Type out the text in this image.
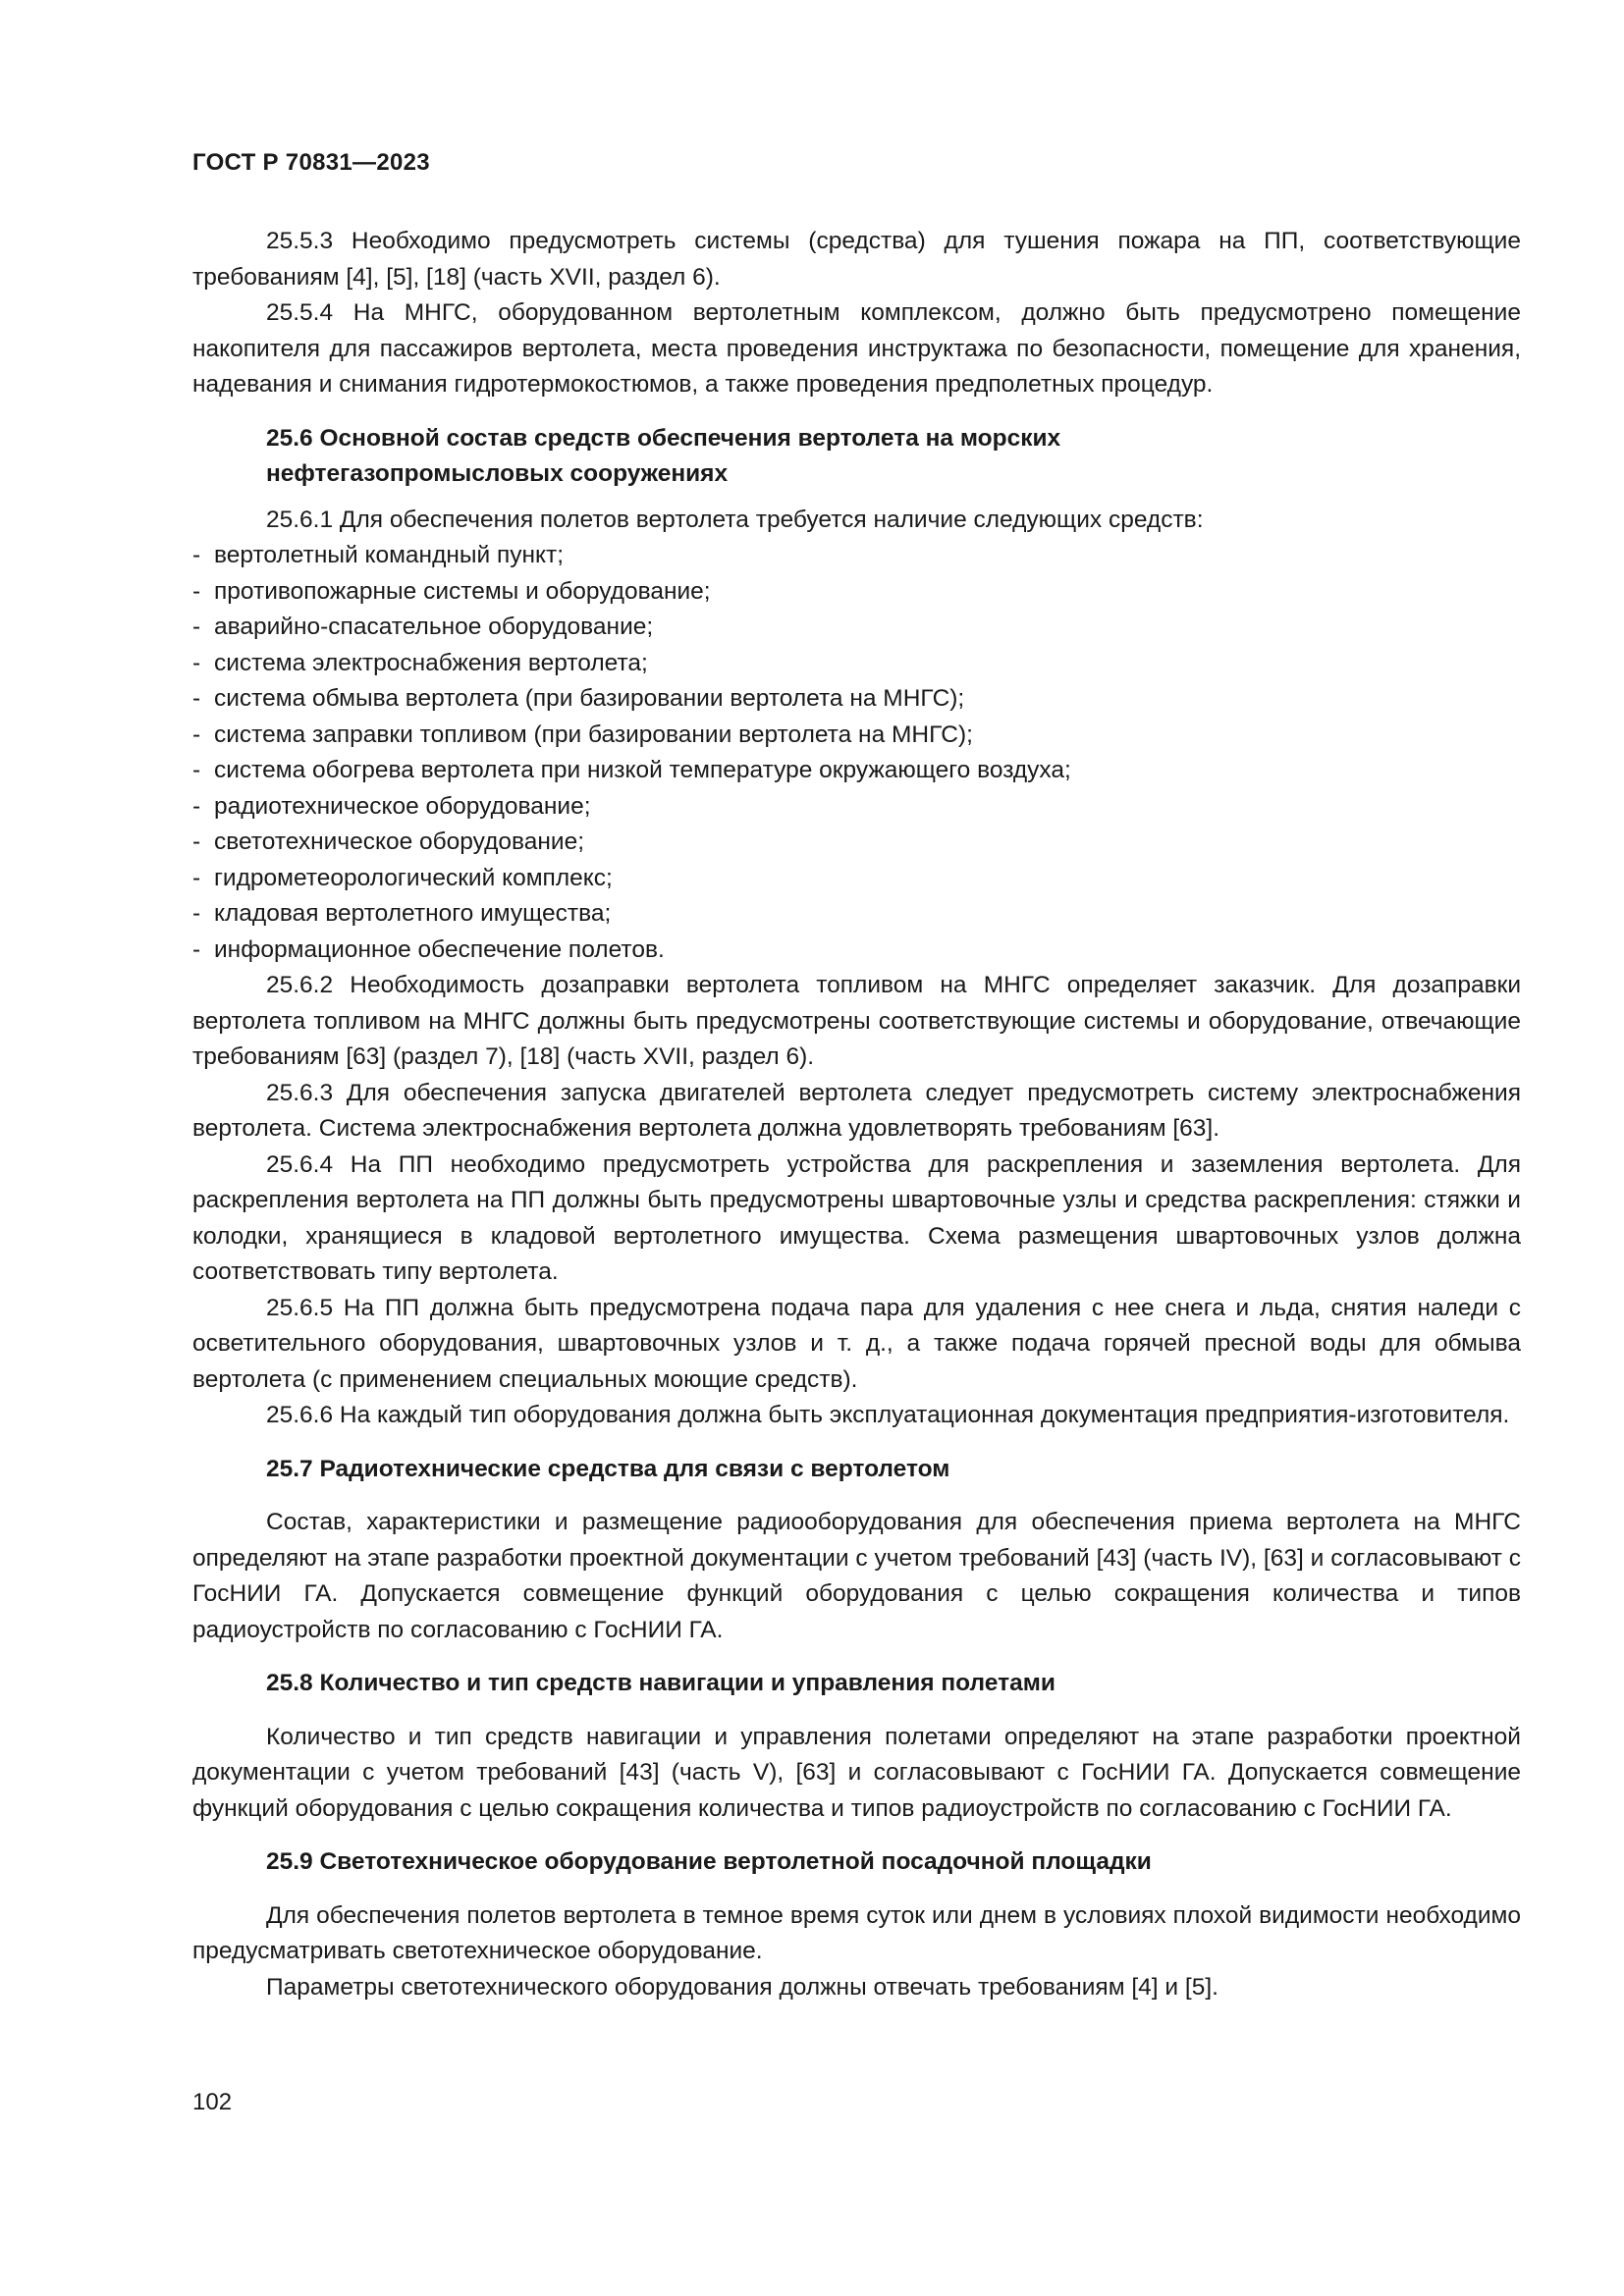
ГОСТ Р 70831—2023

25.5.3 Необходимо предусмотреть системы (средства) для тушения пожара на ПП, соответствующие требованиям [4], [5], [18] (часть XVII, раздел 6).

25.5.4 На МНГС, оборудованном вертолетным комплексом, должно быть предусмотрено помещение накопителя для пассажиров вертолета, места проведения инструктажа по безопасности, помещение для хранения, надевания и снимания гидротермокостюмов, а также проведения предполетных процедур.

25.6 Основной состав средств обеспечения вертолета на морских
нефтегазопромысловых сооружениях

25.6.1 Для обеспечения полетов вертолета требуется наличие следующих средств:

- вертолетный командный пункт;
- противопожарные системы и оборудование;
- аварийно-спасательное оборудование;
- система электроснабжения вертолета;
- система обмыва вертолета (при базировании вертолета на МНГС);
- система заправки топливом (при базировании вертолета на МНГС);
- система обогрева вертолета при низкой температуре окружающего воздуха;
- радиотехническое оборудование;
- светотехническое оборудование;
- гидрометеорологический комплекс;
- кладовая вертолетного имущества;
- информационное обеспечение полетов.

25.6.2 Необходимость дозаправки вертолета топливом на МНГС определяет заказчик. Для дозаправки вертолета топливом на МНГС должны быть предусмотрены соответствующие системы и оборудование, отвечающие требованиям [63] (раздел 7), [18] (часть XVII, раздел 6).

25.6.3 Для обеспечения запуска двигателей вертолета следует предусмотреть систему электроснабжения вертолета. Система электроснабжения вертолета должна удовлетворять требованиям [63].

25.6.4 На ПП необходимо предусмотреть устройства для раскрепления и заземления вертолета. Для раскрепления вертолета на ПП должны быть предусмотрены швартовочные узлы и средства раскрепления: стяжки и колодки, хранящиеся в кладовой вертолетного имущества. Схема размещения швартовочных узлов должна соответствовать типу вертолета.

25.6.5 На ПП должна быть предусмотрена подача пара для удаления с нее снега и льда, снятия наледи с осветительного оборудования, швартовочных узлов и т. д., а также подача горячей пресной воды для обмыва вертолета (с применением специальных моющие средств).

25.6.6 На каждый тип оборудования должна быть эксплуатационная документация предприятия-изготовителя.

25.7 Радиотехнические средства для связи с вертолетом

Состав, характеристики и размещение радиооборудования для обеспечения приема вертолета на МНГС определяют на этапе разработки проектной документации с учетом требований [43] (часть IV), [63] и согласовывают с ГосНИИ ГА. Допускается совмещение функций оборудования с целью сокращения количества и типов радиоустройств по согласованию с ГосНИИ ГА.

25.8 Количество и тип средств навигации и управления полетами

Количество и тип средств навигации и управления полетами определяют на этапе разработки проектной документации с учетом требований [43] (часть V), [63] и согласовывают с ГосНИИ ГА. Допускается совмещение функций оборудования с целью сокращения количества и типов радиоустройств по согласованию с ГосНИИ ГА.

25.9 Светотехническое оборудование вертолетной посадочной площадки

Для обеспечения полетов вертолета в темное время суток или днем в условиях плохой видимости необходимо предусматривать светотехническое оборудование.

Параметры светотехнического оборудования должны отвечать требованиям [4] и [5].

102
